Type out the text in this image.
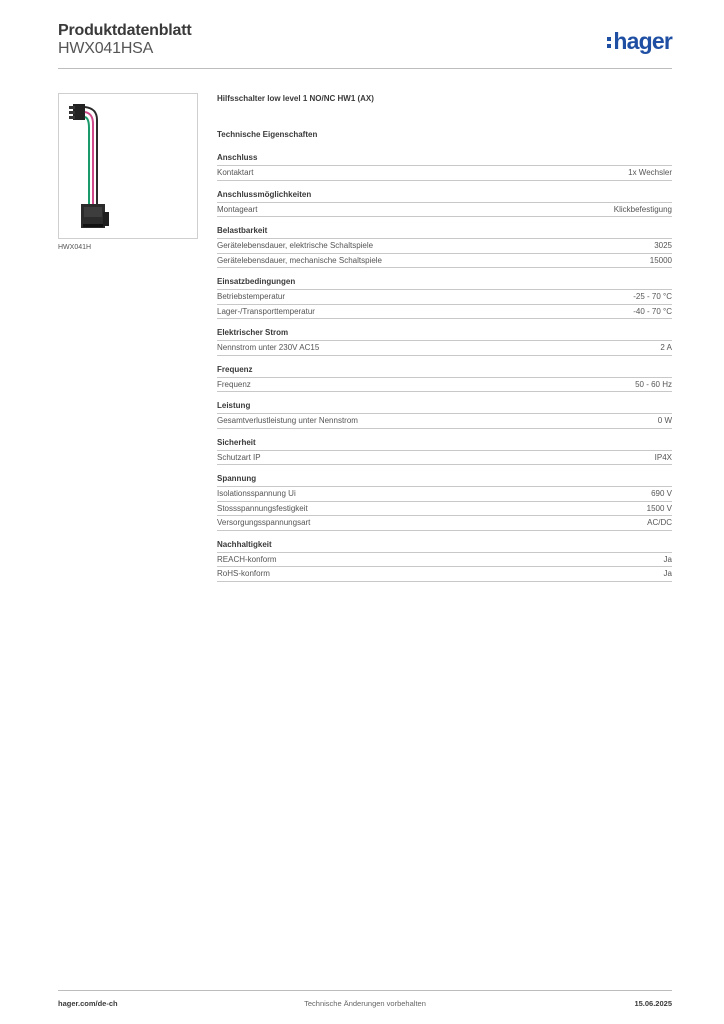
Produktdatenblatt
HWX041HSA	hager
HWX041H
Hilfsschalter low level 1 NO/NC HW1 (AX)
Technische Eigenschaften
Anschluss
Kontaktart	1x Wechsler
Anschlussmöglichkeiten
Montageart	Klickbefestigung
Belastbarkeit
Gerätelebensdauer, elektrische Schaltspiele	3025
Gerätelebensdauer, mechanische Schaltspiele	15000
Einsatzbedingungen
Betriebstemperatur	-25 - 70 °C
Lager-/Transporttemperatur	-40 - 70 °C
Elektrischer Strom
Nennstrom unter 230V AC15	2 A
Frequenz
Frequenz	50 - 60 Hz
Leistung
Gesamtverlustleistung unter Nennstrom	0 W
Sicherheit
Schutzart IP	IP4X
Spannung
Isolationsspannung Ui	690 V
Stossspannungsfestigkeit	1500 V
Versorgungsspannungsart	AC/DC
Nachhaltigkeit
REACH-konform	Ja
RoHS-konform	Ja
hager.com/de-ch	Technische Änderungen vorbehalten	15.06.2025
